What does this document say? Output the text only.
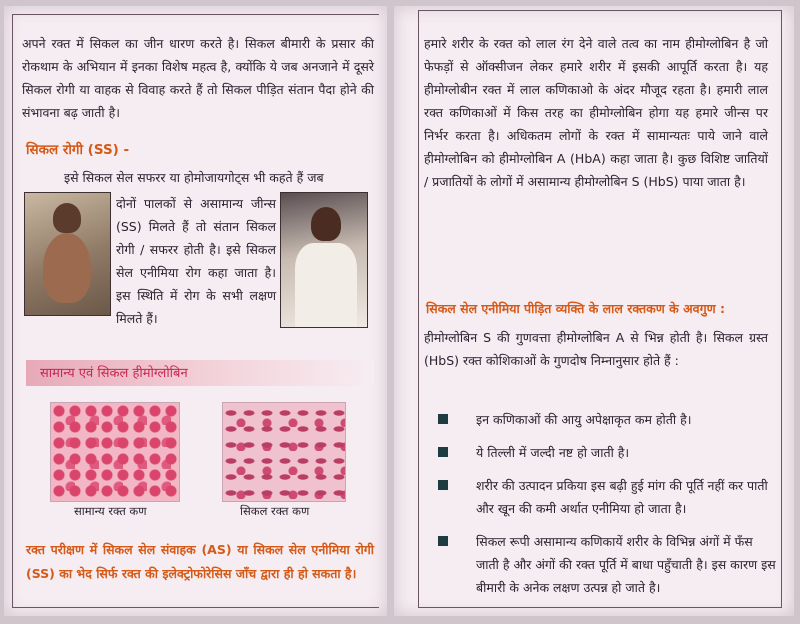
अपने रक्त में सिकल का जीन धारण करते है। सिकल बीमारी के प्रसार की रोकथाम के अभियान में इनका विशेष महत्व है, क्योंकि ये जब अनजाने में दूसरे सिकल रोगी या वाहक से विवाह करते हैं तो सिकल पीड़ित संतान पैदा होने की संभावना बढ़ जाती है।

सिकल रोगी (SS) -

इसे सिकल सेल सफरर या होमोजायगोट्स भी कहते हैं जब

दोनों पालकों से असामान्य जीन्स (SS) मिलते हैं तो संतान सिकल रोगी / सफरर होती है। इसे सिकल सेल एनीमिया रोग कहा जाता है। इस स्थिति में रोग के सभी लक्षण मिलते हैं।

सामान्य एवं सिकल हीमोग्लोबिन
सामान्य रक्त कण	सिकल रक्त कण

रक्त परीक्षण में सिकल सेल संवाहक (AS) या सिकल सेल एनीमिया रोगी (SS) का भेद सिर्फ रक्त की इलेक्ट्रोफोरेसिस जॉंच द्वारा ही हो सकता है।

हमारे शरीर के रक्त को लाल रंग देने वाले तत्व का नाम हीमोग्लोबिन है जो फेफड़ों से ऑक्सीजन लेकर हमारे शरीर में इसकी आपूर्ति करता है। यह हीमोग्लोबीन रक्त में लाल कणिकाओ के अंदर मौजूद रहता है। हमारी लाल रक्त कणिकाओं में किस तरह का हीमोग्लोबिन होगा यह हमारे जीन्स पर निर्भर करता है। अधिकतम लोगों के रक्त में सामान्यतः पाये जाने वाले हीमोग्लोबिन को हीमोग्लोबिन A (HbA) कहा जाता है। कुछ विशिष्ट जातियों / प्रजातियों के लोगों में असामान्य हीमोग्लोबिन S (HbS) पाया जाता है।

सिकल सेल एनीमिया पीड़ित व्यक्ति के लाल रक्तकण के अवगुण :

हीमोग्लोबिन S की गुणवत्ता हीमोग्लोबिन A से भिन्न होती है। सिकल ग्रस्त (HbS) रक्त कोशिकाओं के गुणदोष निम्नानुसार होते हैं :

इन कणिकाओं की आयु अपेक्षाकृत कम होती है।
ये तिल्ली में जल्दी नष्ट हो जाती है।
शरीर की उत्पादन प्रकिया इस बढ़ी हुई मांग की पूर्ति नहीं कर पाती और खून की कमी अर्थात एनीमिया हो जाता है।
सिकल रूपी असामान्य कणिकायें शरीर के विभिन्न अंगों में फँस जाती है और अंगों की रक्त पूर्ति में बाधा पहुँचाती है। इस कारण इस बीमारी के अनेक लक्षण उत्पन्न हो जाते है।
